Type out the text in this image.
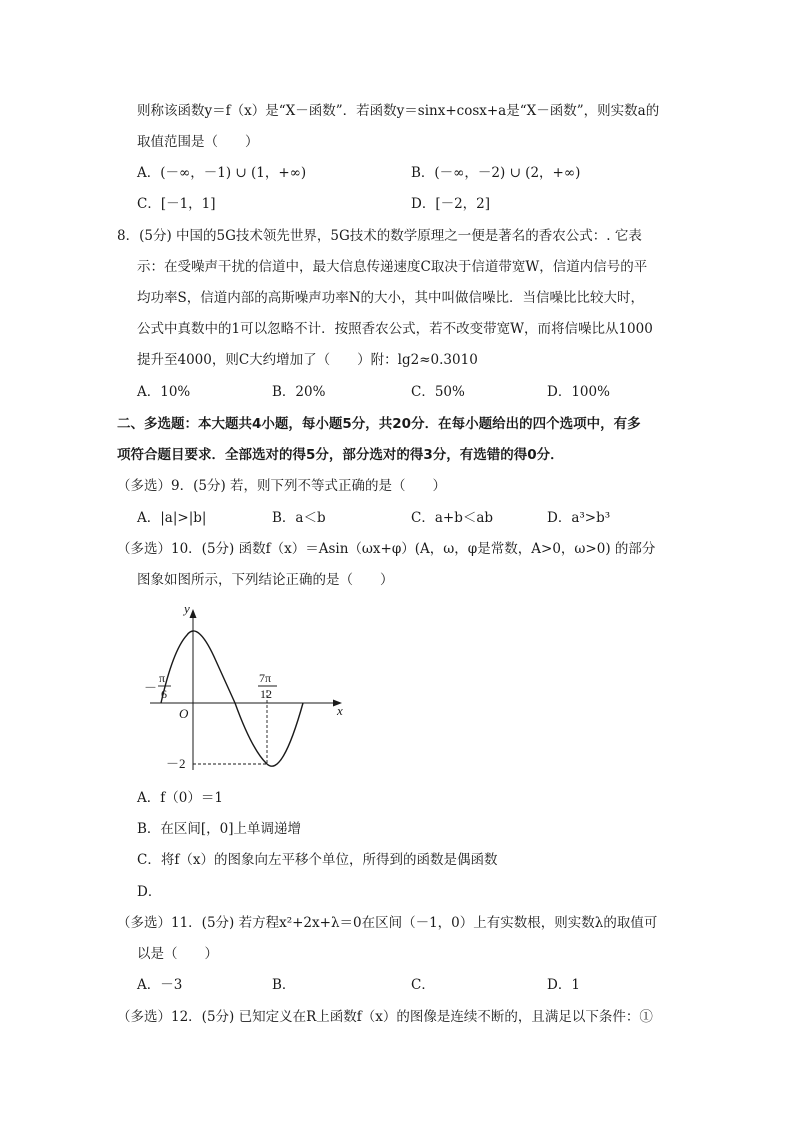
则称该函数y＝f（x）是“X－函数”．若函数y＝sinx+cosx+a是“X－函数”，则实数a的
取值范围是（　　）
A．(－∞，－1) ∪ (1，+∞)	B．(－∞，－2) ∪ (2，+∞)
C．[－1，1]	D．[－2，2]
8．(5分) 中国的5G技术领先世界，5G技术的数学原理之一便是著名的香农公式：. 它表
示：在受噪声干扰的信道中，最大信息传递速度C取决于信道带宽W，信道内信号的平
均功率S，信道内部的高斯噪声功率N的大小，其中叫做信噪比．当信噪比比较大时，
公式中真数中的1可以忽略不计．按照香农公式，若不改变带宽W，而将信噪比从1000
提升至4000，则C大约增加了（　　）附：lg2≈0.3010
A．10%	B．20%	C．50%	D．100%
二、多选题：本大题共4小题，每小题5分，共20分．在每小题给出的四个选项中，有多
项符合题目要求．全部选对的得5分，部分选对的得3分，有选错的得0分．
（多选）9．(5分) 若，则下列不等式正确的是（　　）
A．|a|>|b|	B．a＜b	C．a+b＜ab	D．a³>b³
（多选）10．(5分) 函数f（x）＝Asin（ωx+φ）(A，ω，φ是常数，A>0，ω>0) 的部分
图象如图所示，下列结论正确的是（　　）
y
x
O
－
π
6
7π
12
－2
A．f（0）＝1
B．在区间[，0]上单调递增
C．将f（x）的图象向左平移个单位，所得到的函数是偶函数
D．
（多选）11．(5分) 若方程x²+2x+λ＝0在区间（－1，0）上有实数根，则实数λ的取值可
以是（　　）
A．－3	B．	C．	D．1
（多选）12．(5分) 已知定义在R上函数f（x）的图像是连续不断的，且满足以下条件：①
